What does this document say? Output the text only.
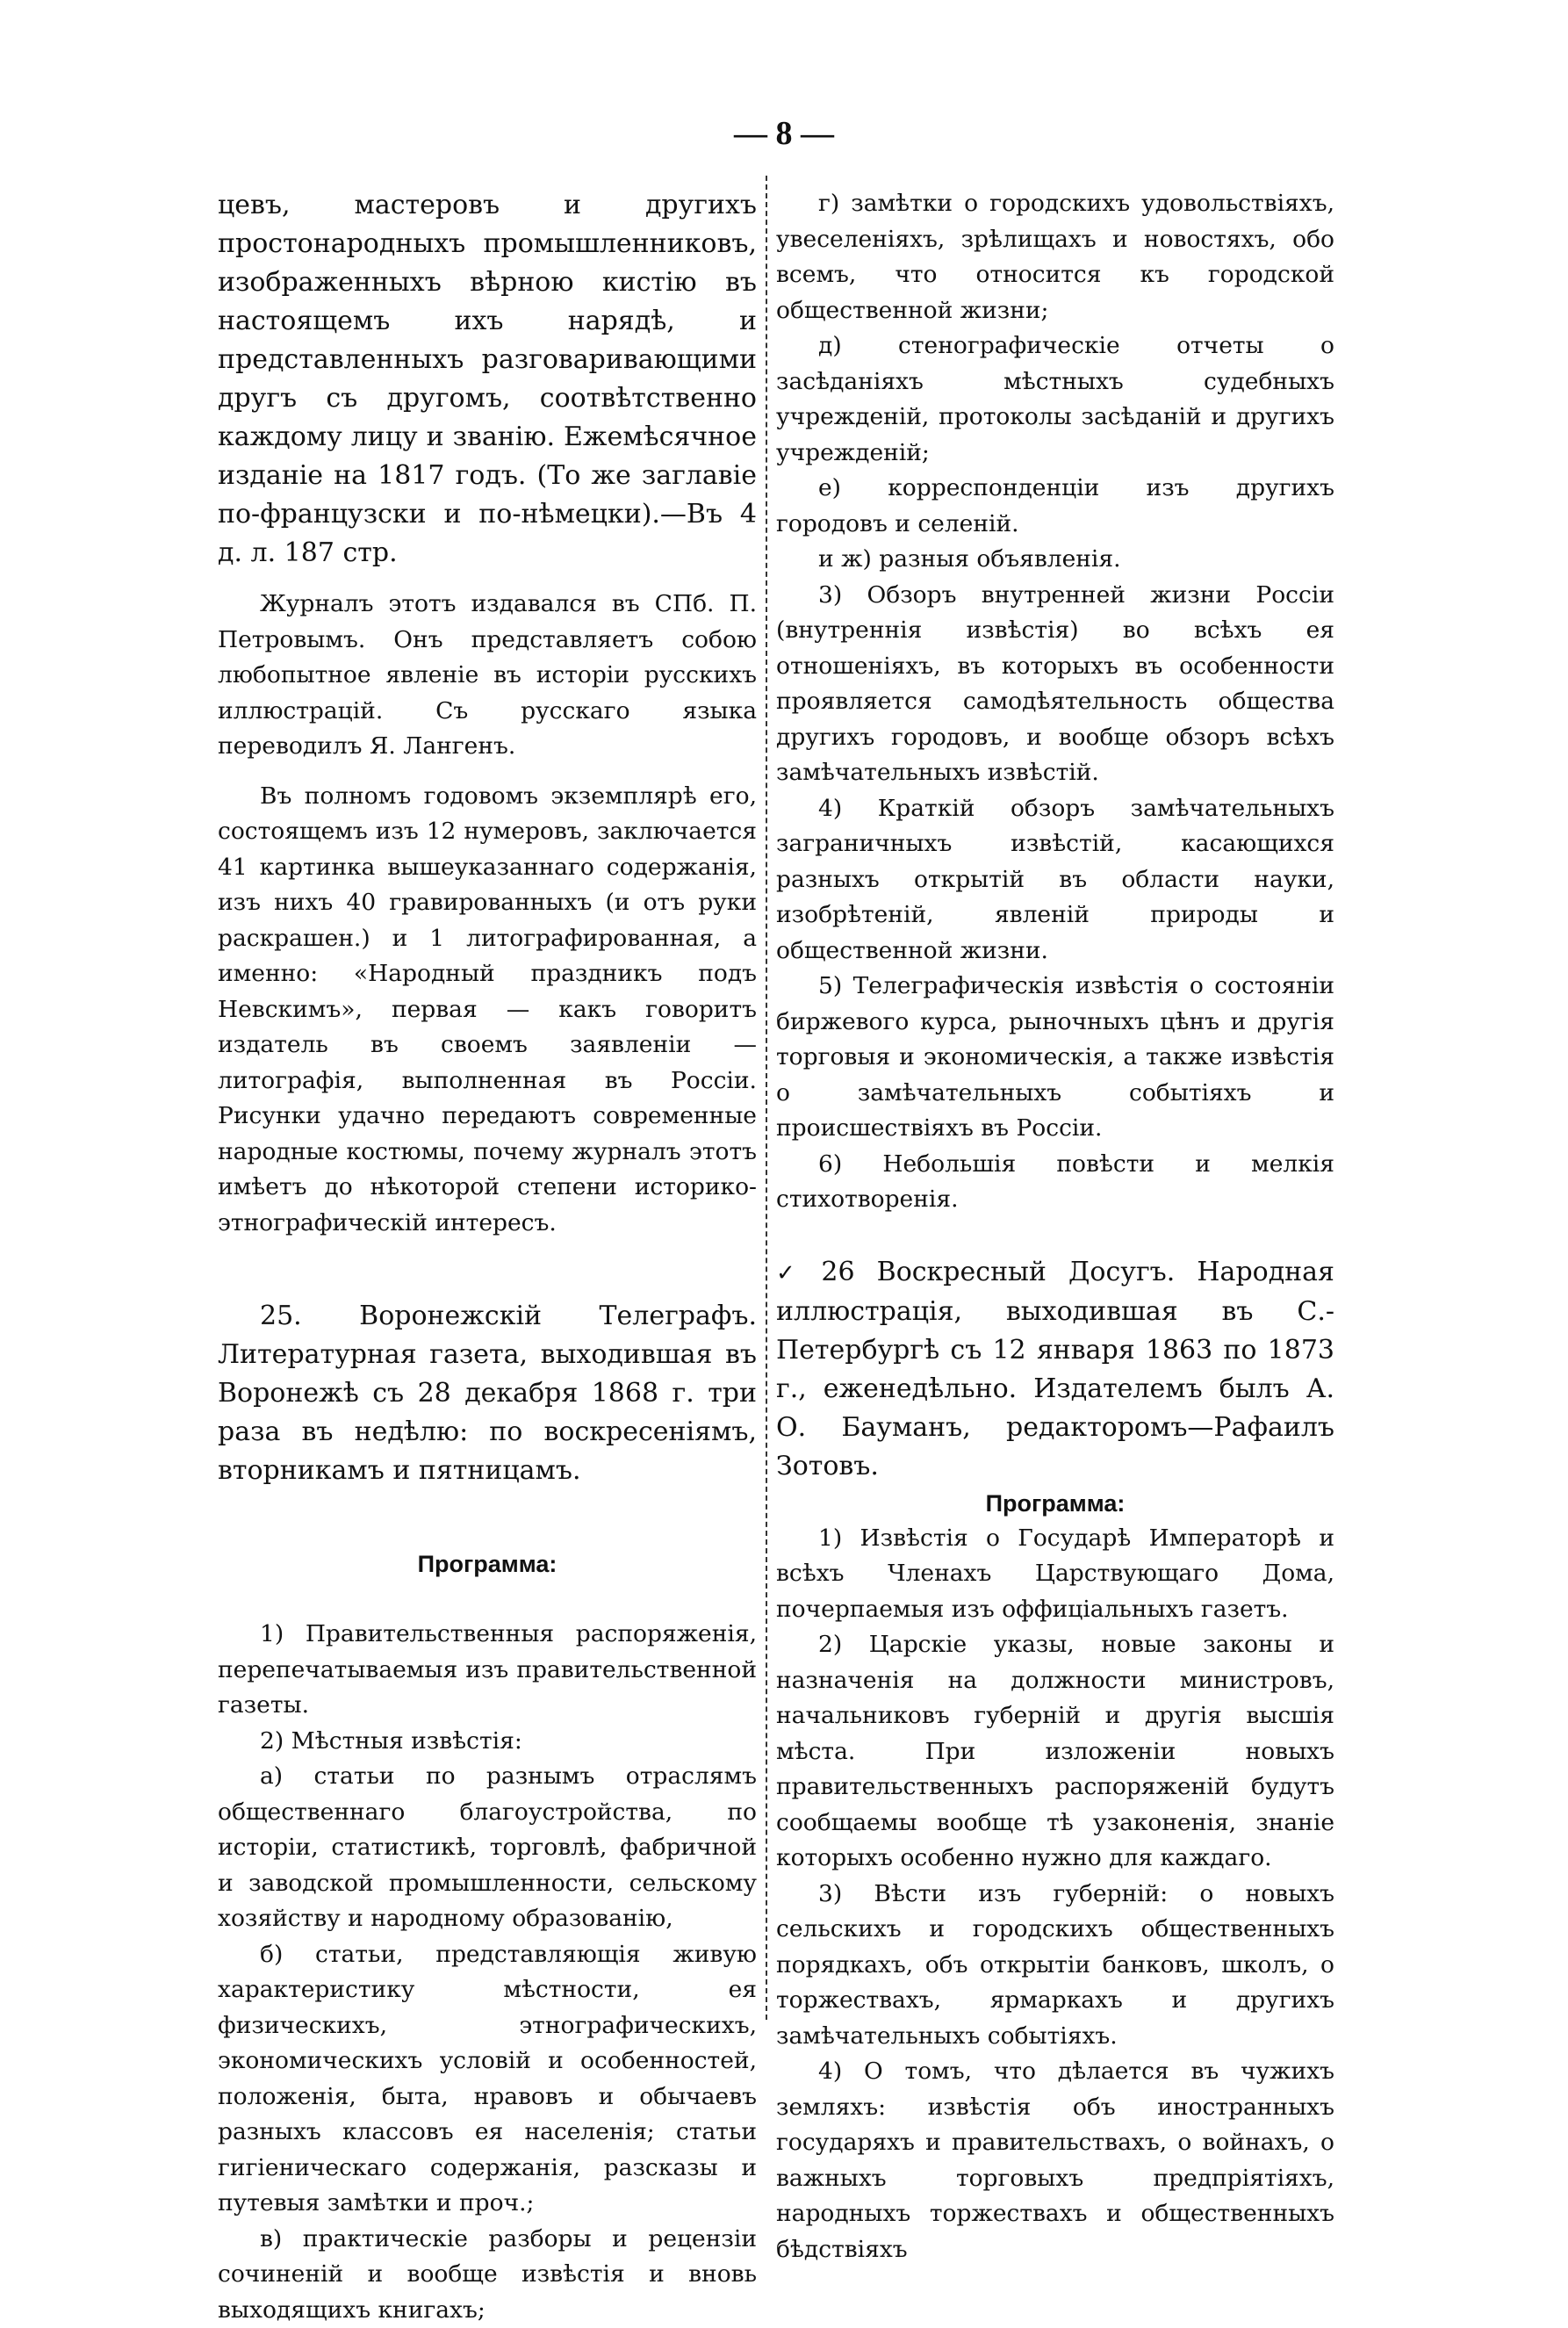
— 8 —

цевъ, мастеровъ и другихъ простонародныхъ промышленниковъ, изображенныхъ вѣрною кистію въ настоящемъ ихъ нарядѣ, и представленныхъ разговаривающими другъ съ другомъ, соотвѣтственно каждому лицу и званію. Ежемѣсячное изданіе на 1817 годъ. (То же заглавіе по-французски и по-нѣмецки).—Въ 4 д. л. 187 стр.

Журналъ этотъ издавался въ СПб. П. Петровымъ. Онъ представляетъ собою любопытное явленіе въ исторіи русскихъ иллюстрацій. Съ русскаго языка переводилъ Я. Лангенъ.

Въ полномъ годовомъ экземплярѣ его, состоящемъ изъ 12 нумеровъ, заключается 41 картинка вышеуказаннаго содержанія, изъ нихъ 40 гравированныхъ (и отъ руки раскрашен.) и 1 литографированная, а именно: «Народный праздникъ подъ Невскимъ», первая — какъ говоритъ издатель въ своемъ заявленіи — литографія, выполненная въ Россіи. Рисунки удачно передаютъ современные народные костюмы, почему журналъ этотъ имѣетъ до нѣкоторой степени историко-этнографическій интересъ.

25. Воронежскій Телеграфъ. Литературная газета, выходившая въ Воронежѣ съ 28 декабря 1868 г. три раза въ недѣлю: по воскресеніямъ, вторникамъ и пятницамъ.

Программа:

1) Правительственныя распоряженія, перепечатываемыя изъ правительственной газеты.

2) Мѣстныя извѣстія:

а) статьи по разнымъ отраслямъ общественнаго благоустройства, по исторіи, статистикѣ, торговлѣ, фабричной и заводской промышленности, сельскому хозяйству и народному образованію,

б) статьи, представляющія живую характеристику мѣстности, ея физическихъ, этнографическихъ, экономическихъ условій и особенностей, положенія, быта, нравовъ и обычаевъ разныхъ классовъ ея населенія; статьи гигіеническаго содержанія, разсказы и путевыя замѣтки и проч.;

в) практическіе разборы и рецензіи сочиненій и вообще извѣстія и вновь выходящихъ книгахъ;

г) замѣтки о городскихъ удовольствіяхъ, увеселеніяхъ, зрѣлищахъ и новостяхъ, обо всемъ, что относится къ городской общественной жизни;

д) стенографическіе отчеты о засѣданіяхъ мѣстныхъ судебныхъ учрежденій, протоколы засѣданій и другихъ учрежденій;

е) корреспонденціи изъ другихъ городовъ и селеній.

и ж) разныя объявленія.

3) Обзоръ внутренней жизни Россіи (внутреннія извѣстія) во всѣхъ ея отношеніяхъ, въ которыхъ въ особенности проявляется самодѣятельность общества другихъ городовъ, и вообще обзоръ всѣхъ замѣчательныхъ извѣстій.

4) Краткій обзоръ замѣчательныхъ заграничныхъ извѣстій, касающихся разныхъ открытій въ области науки, изобрѣтеній, явленій природы и общественной жизни.

5) Телеграфическія извѣстія о состояніи биржевого курса, рыночныхъ цѣнъ и другія торговыя и экономическія, а также извѣстія о замѣчательныхъ событіяхъ и происшествіяхъ въ Россіи.

6) Небольшія повѣсти и мелкія стихотворенія.

✓ 26 Воскресный Досугъ. Народная иллюстрація, выходившая въ С.-Петербургѣ съ 12 января 1863 по 1873 г., еженедѣльно. Издателемъ былъ А. О. Бауманъ, редакторомъ—Рафаилъ Зотовъ.

Программа:

1) Извѣстія о Государѣ Императорѣ и всѣхъ Членахъ Царствующаго Дома, почерпаемыя изъ оффиціальныхъ газетъ.

2) Царскіе указы, новые законы и назначенія на должности министровъ, начальниковъ губерній и другія высшія мѣста. При изложеніи новыхъ правительственныхъ распоряженій будутъ сообщаемы вообще тѣ узаконенія, знаніе которыхъ особенно нужно для каждаго.

3) Вѣсти изъ губерній: о новыхъ сельскихъ и городскихъ общественныхъ порядкахъ, объ открытіи банковъ, школъ, о торжествахъ, ярмаркахъ и другихъ замѣчательныхъ событіяхъ.

4) О томъ, что дѣлается въ чужихъ земляхъ: извѣстія объ иностранныхъ государяхъ и правительствахъ, о войнахъ, о важныхъ торговыхъ предпріятіяхъ, народныхъ торжествахъ и общественныхъ бѣдствіяхъ
